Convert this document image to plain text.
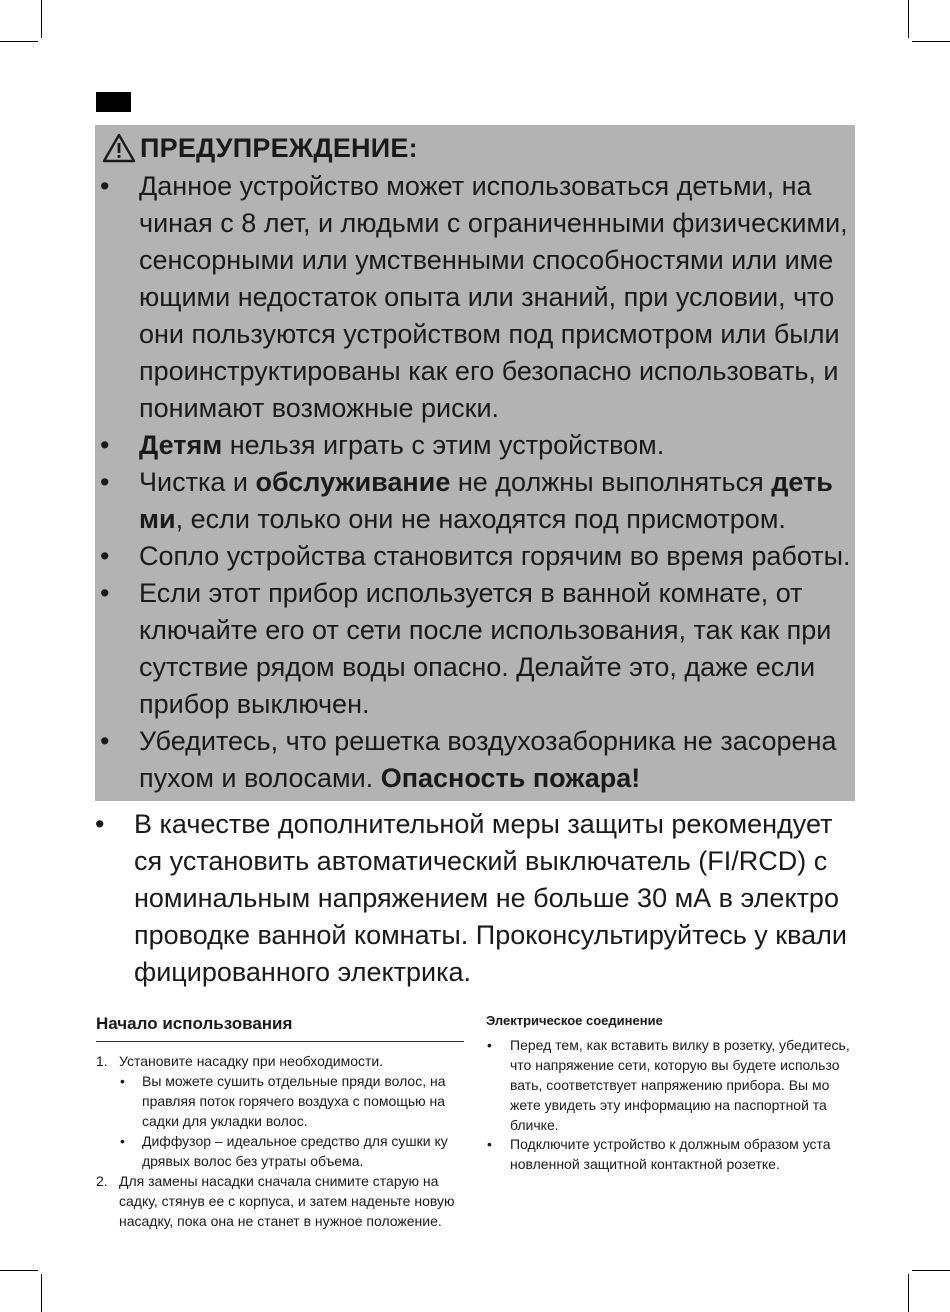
ПРЕДУПРЕЖДЕНИЕ:
• Данное устройство может использоваться детьми, на
чиная с 8 лет, и людьми с ограниченными физическими,
сенсорными или умственными способностями или име
ющими недостаток опыта или знаний, при условии, что
они пользуются устройством под присмотром или были
проинструктированы как его безопасно использовать, и
понимают возможные риски.
• Детям нельзя играть с этим устройством.
• Чистка и обслуживание не должны выполняться деть
ми, если только они не находятся под присмотром.
• Сопло устройства становится горячим во время работы.
• Если этот прибор используется в ванной комнате, от
ключайте его от сети после использования, так как при
сутствие рядом воды опасно. Делайте это, даже если
прибор выключен.
• Убедитесь, что решетка воздухозаборника не засорена
пухом и волосами. Опасность пожара!
• В качестве дополнительной меры защиты рекомендует
ся установить автоматический выключатель (FI/RCD) с
номинальным напряжением не больше 30 мА в электро
проводке ванной комнаты. Проконсультируйтесь у квали
фицированного электрика.
Начало использования
1. Установите насадку при необходимости.
• Вы можете сушить отдельные пряди волос, на
правляя поток горячего воздуха с помощью на
садки для укладки волос.
• Диффузор – идеальное средство для сушки ку
дрявых волос без утраты объема.
2. Для замены насадки сначала снимите старую на
садку, стянув ее с корпуса, и затем наденьте новую
насадку, пока она не станет в нужное положение.
Электрическое соединение
• Перед тем, как вставить вилку в розетку, убедитесь,
что напряжение сети, которую вы будете использо
вать, соответствует напряжению прибора. Вы мо
жете увидеть эту информацию на паспортной та
бличке.
• Подключите устройство к должным образом уста
новленной защитной контактной розетке.
